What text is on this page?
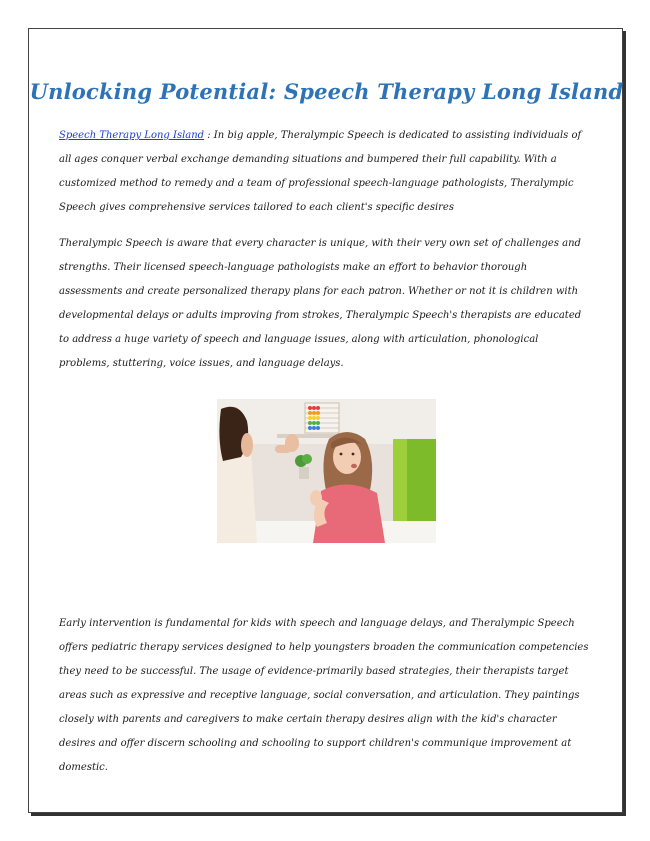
Unlocking Potential: Speech Therapy Long Island

Speech Therapy Long Island : In big apple, Theralympic Speech is dedicated to assisting individuals of all ages conquer verbal exchange demanding situations and bumpered their full capability. With a customized method to remedy and a team of professional speech-language pathologists, Theralympic Speech gives comprehensive services tailored to each client's specific desires

Theralympic Speech is aware that every character is unique, with their very own set of challenges and strengths. Their licensed speech-language pathologists make an effort to behavior thorough assessments and create personalized therapy plans for each patron. Whether or not it is children with developmental delays or adults improving from strokes, Theralympic Speech's therapists are educated to address a huge variety of speech and language issues, along with articulation, phonological problems, stuttering, voice issues, and language delays.

Early intervention is fundamental for kids with speech and language delays, and Theralympic Speech offers pediatric therapy services designed to help youngsters broaden the communication competencies they need to be successful. The usage of evidence-primarily based strategies, their therapists target areas such as expressive and receptive language, social conversation, and articulation. They paintings closely with parents and caregivers to make certain therapy desires align with the kid's character desires and offer discern schooling and schooling to support children's communique improvement at domestic.
